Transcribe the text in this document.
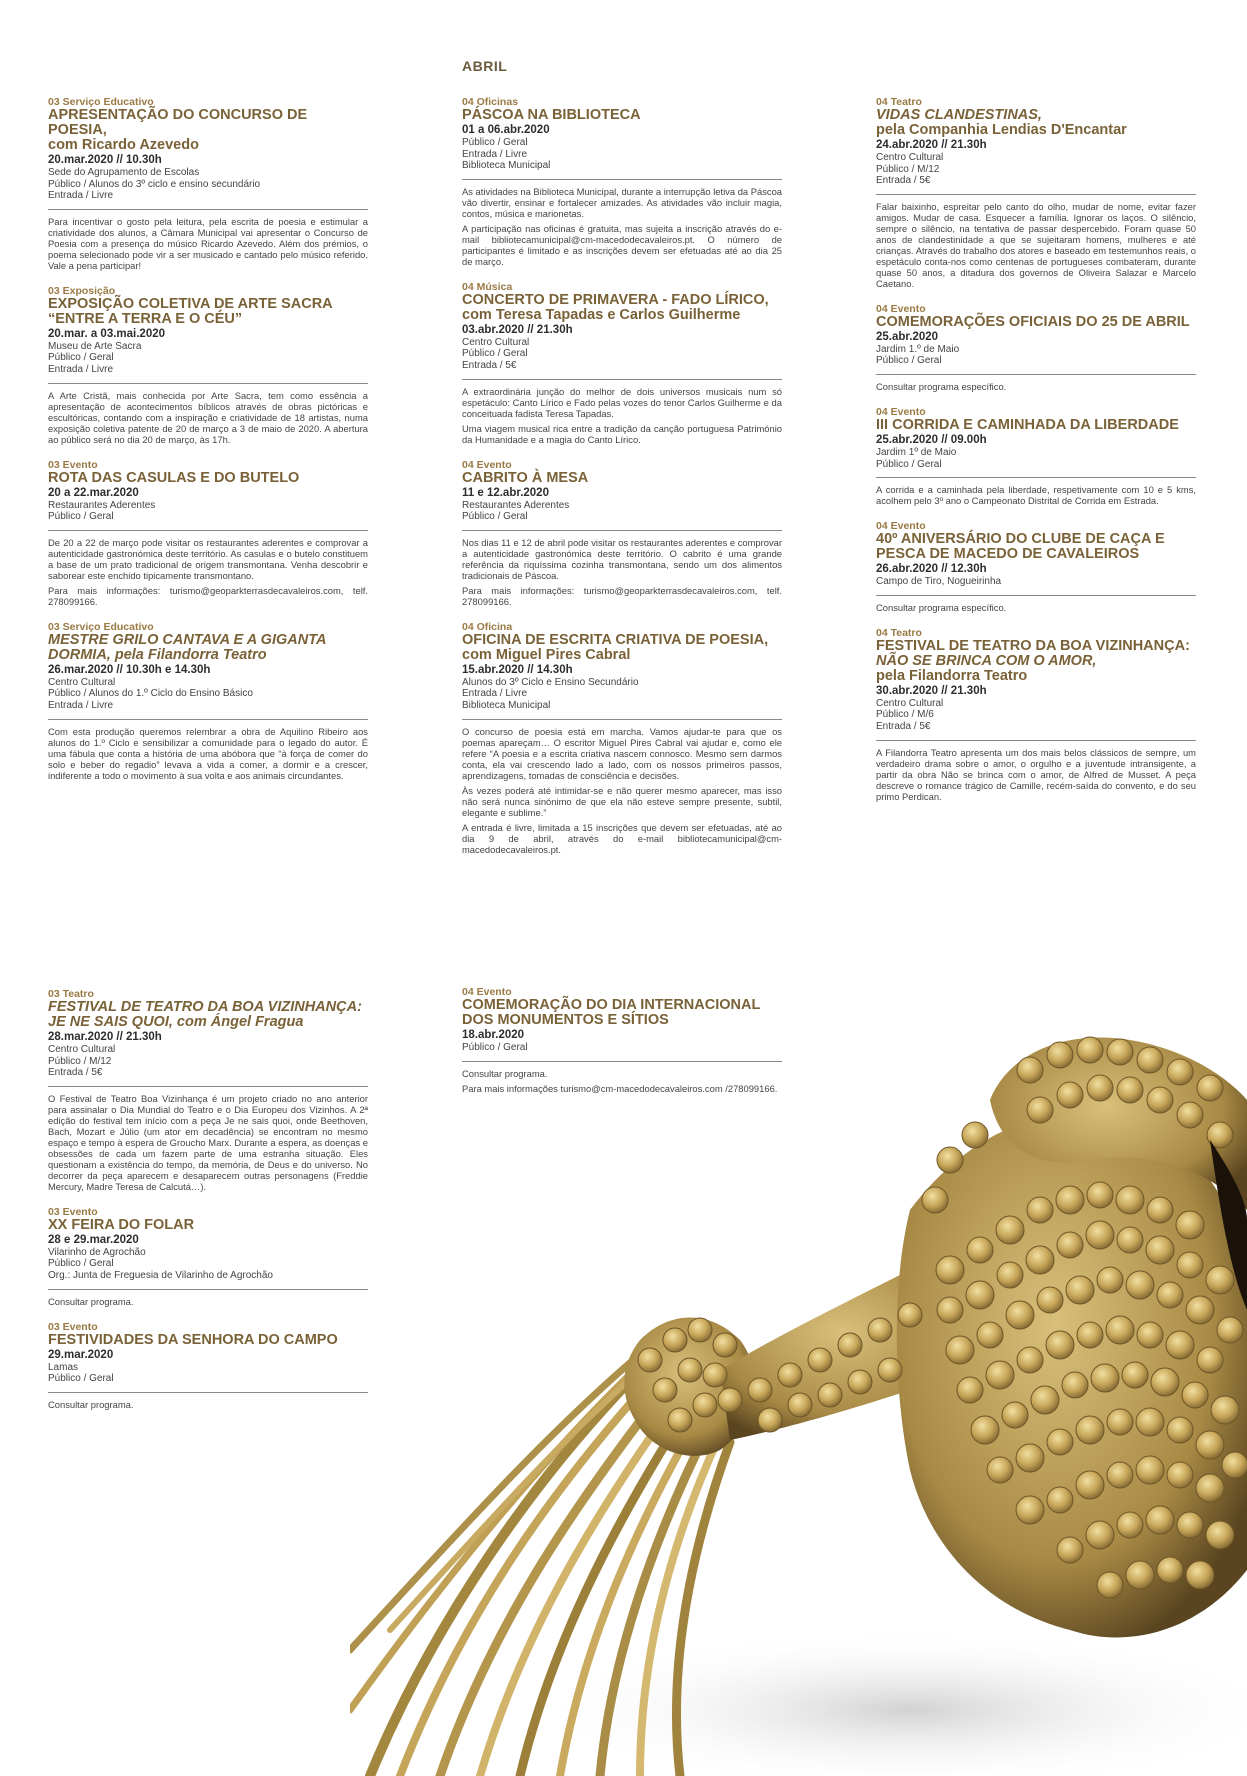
ABRIL
03 Serviço Educativo
APRESENTAÇÃO DO CONCURSO DE POESIA,
com Ricardo Azevedo
20.mar.2020 // 10.30h
Sede do Agrupamento de Escolas
Público / Alunos do 3º ciclo e ensino secundário
Entrada / Livre

Para incentivar o gosto pela leitura, pela escrita de poesia e estimular a criatividade dos alunos, a Câmara Municipal vai apresentar o Concurso de Poesia com a presença do músico Ricardo Azevedo. Além dos prémios, o poema selecionado pode vir a ser musicado e cantado pelo músico referido. Vale a pena participar!

03 Exposição
EXPOSIÇÃO COLETIVA DE ARTE SACRA
“ENTRE A TERRA E O CÉU”
20.mar. a 03.mai.2020
Museu de Arte Sacra
Público / Geral
Entrada / Livre

A Arte Cristã, mais conhecida por Arte Sacra, tem como essência a apresentação de acontecimentos bíblicos através de obras pictóricas e escultóricas, contando com a inspiração e criatividade de 18 artistas, numa exposição coletiva patente de 20 de março a 3 de maio de 2020. A abertura ao público será no dia 20 de março, às 17h.

03 Evento
ROTA DAS CASULAS E DO BUTELO
20 a 22.mar.2020
Restaurantes Aderentes
Público / Geral

De 20 a 22 de março pode visitar os restaurantes aderentes e comprovar a autenticidade gastronómica deste território. As casulas e o butelo constituem a base de um prato tradicional de origem transmontana. Venha descobrir e saborear este enchido tipicamente transmontano.

Para mais informações: turismo@geoparkterrasdecavaleiros.com, telf. 278099166.

03 Serviço Educativo
MESTRE GRILO CANTAVA E A GIGANTA
DORMIA, pela Filandorra Teatro
26.mar.2020 // 10.30h e 14.30h
Centro Cultural
Público / Alunos do 1.º Ciclo do Ensino Básico
Entrada / Livre

Com esta produção queremos relembrar a obra de Aquilino Ribeiro aos alunos do 1.º Ciclo e sensibilizar a comunidade para o legado do autor. É uma fábula que conta a história de uma abóbora que “à força de comer do solo e beber do regadio” levava a vida a comer, a dormir e a crescer, indiferente a todo o movimento à sua volta e aos animais circundantes.

04 Oficinas
PÁSCOA NA BIBLIOTECA
01 a 06.abr.2020
Público / Geral
Entrada / Livre
Biblioteca Municipal

As atividades na Biblioteca Municipal, durante a interrupção letiva da Páscoa vão divertir, ensinar e fortalecer amizades. As atividades vão incluir magia, contos, música e marionetas.

A participação nas oficinas é gratuita, mas sujeita a inscrição através do e-mail bibliotecamunicipal@cm-macedodecavaleiros.pt. O número de participantes é limitado e as inscrições devem ser efetuadas até ao dia 25 de março.

04 Música
CONCERTO DE PRIMAVERA - FADO LÍRICO,
com Teresa Tapadas e Carlos Guilherme
03.abr.2020 // 21.30h
Centro Cultural
Público / Geral
Entrada / 5€

A extraordinária junção do melhor de dois universos musicais num só espetáculo: Canto Lírico e Fado pelas vozes do tenor Carlos Guilherme e da conceituada fadista Teresa Tapadas.

Uma viagem musical rica entre a tradição da canção portuguesa Património da Humanidade e a magia do Canto Lírico.

04 Evento
CABRITO À MESA
11 e 12.abr.2020
Restaurantes Aderentes
Público / Geral

Nos dias 11 e 12 de abril pode visitar os restaurantes aderentes e comprovar a autenticidade gastronómica deste território. O cabrito é uma grande referência da riquíssima cozinha transmontana, sendo um dos alimentos tradicionais de Páscoa.

Para mais informações: turismo@geoparkterrasdecavaleiros.com, telf. 278099166.

04 Oficina
OFICINA DE ESCRITA CRIATIVA DE POESIA,
com Miguel Pires Cabral
15.abr.2020 // 14.30h
Alunos do 3º Ciclo e Ensino Secundário
Entrada / Livre
Biblioteca Municipal

O concurso de poesia está em marcha. Vamos ajudar-te para que os poemas apareçam… O escritor Miguel Pires Cabral vai ajudar e, como ele refere “A poesia e a escrita criativa nascem connosco. Mesmo sem darmos conta, ela vai crescendo lado a lado, com os nossos primeiros passos, aprendizagens, tomadas de consciência e decisões.

Às vezes poderá até intimidar-se e não querer mesmo aparecer, mas isso não será nunca sinónimo de que ela não esteve sempre presente, subtil, elegante e sublime.”

A entrada é livre, limitada a 15 inscrições que devem ser efetuadas, até ao dia 9 de abril, através do e-mail bibliotecamunicipal@cm-macedodecavaleiros.pt.

04 Teatro
VIDAS CLANDESTINAS,
pela Companhia Lendias D'Encantar
24.abr.2020 // 21.30h
Centro Cultural
Público / M/12
Entrada / 5€

Falar baixinho, espreitar pelo canto do olho, mudar de nome, evitar fazer amigos. Mudar de casa. Esquecer a família. Ignorar os laços. O silêncio, sempre o silêncio, na tentativa de passar despercebido. Foram quase 50 anos de clandestinidade a que se sujeitaram homens, mulheres e até crianças. Através do trabalho dos atores e baseado em testemunhos reais, o espetáculo conta-nos como centenas de portugueses combateram, durante quase 50 anos, a ditadura dos governos de Oliveira Salazar e Marcelo Caetano.

04 Evento
COMEMORAÇÕES OFICIAIS DO 25 DE ABRIL
25.abr.2020
Jardim 1.º de Maio
Público / Geral

Consultar programa específico.

04 Evento
III CORRIDA E CAMINHADA DA LIBERDADE
25.abr.2020 // 09.00h
Jardim 1º de Maio
Público / Geral

A corrida e a caminhada pela liberdade, respetivamente com 10 e 5 kms, acolhem pelo 3º ano o Campeonato Distrital de Corrida em Estrada.

04 Evento
40º ANIVERSÁRIO DO CLUBE DE CAÇA E
PESCA DE MACEDO DE CAVALEIROS
26.abr.2020 // 12.30h
Campo de Tiro, Nogueirinha

Consultar programa específico.

04 Teatro
FESTIVAL DE TEATRO DA BOA VIZINHANÇA:
NÃO SE BRINCA COM O AMOR,
pela Filandorra Teatro
30.abr.2020 // 21.30h
Centro Cultural
Público / M/6
Entrada / 5€

A Filandorra Teatro apresenta um dos mais belos clássicos de sempre, um verdadeiro drama sobre o amor, o orgulho e a juventude intransigente, a partir da obra Não se brinca com o amor, de Alfred de Musset. A peça descreve o romance trágico de Camille, recém-saída do convento, e do seu primo Perdican.

03 Teatro
FESTIVAL DE TEATRO DA BOA VIZINHANÇA:
JE NE SAIS QUOI, com Ángel Fragua
28.mar.2020 // 21.30h
Centro Cultural
Público / M/12
Entrada / 5€

O Festival de Teatro Boa Vizinhança é um projeto criado no ano anterior para assinalar o Dia Mundial do Teatro e o Dia Europeu dos Vizinhos. A 2ª edição do festival tem início com a peça Je ne sais quoi, onde Beethoven, Bach, Mozart e Júlio (um ator em decadência) se encontram no mesmo espaço e tempo à espera de Groucho Marx. Durante a espera, as doenças e obsessões de cada um fazem parte de uma estranha situação. Eles questionam a existência do tempo, da memória, de Deus e do universo. No decorrer da peça aparecem e desaparecem outras personagens (Freddie Mercury, Madre Teresa de Calcutá…).

03 Evento
XX FEIRA DO FOLAR
28 e 29.mar.2020
Vilarinho de Agrochão
Público / Geral
Org.: Junta de Freguesia de Vilarinho de Agrochão

Consultar programa.

03 Evento
FESTIVIDADES DA SENHORA DO CAMPO
29.mar.2020
Lamas
Público / Geral

Consultar programa.

04 Evento
COMEMORAÇÃO DO DIA INTERNACIONAL
DOS MONUMENTOS E SÍTIOS
18.abr.2020
Público / Geral

Consultar programa.

Para mais informações turismo@cm-macedodecavaleiros.com /278099166.
